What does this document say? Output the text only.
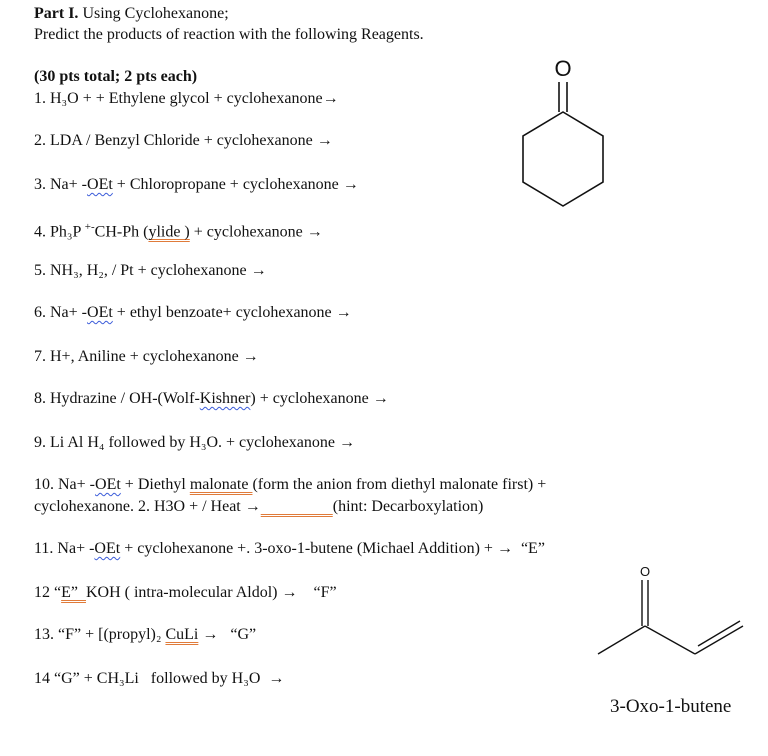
Part I. Using Cyclohexanone;
Predict the products of reaction with the following Reagents.
(30 pts total; 2 pts each)
1. H₃O + + Ethylene glycol + cyclohexanone→
2. LDA / Benzyl Chloride + cyclohexanone →
3. Na+ -OEt + Chloropropane + cyclohexanone →
4. Ph₃P +-CH-Ph (ylide ) + cyclohexanone →
5. NH₃, H₂, / Pt + cyclohexanone →
6. Na+ -OEt + ethyl benzoate+ cyclohexanone →
7. H+, Aniline + cyclohexanone →
8. Hydrazine / OH-(Wolf-Kishner) + cyclohexanone →
9. Li Al H₄ followed by H₃O. + cyclohexanone →
10. Na+ -OEt + Diethyl malonate (form the anion from diethyl malonate first) +
cyclohexanone. 2. H3O + / Heat →	(hint: Decarboxylation)
11. Na+ -OEt + cyclohexanone +. 3-oxo-1-butene (Michael Addition) + →  “E”
12 “E”  KOH ( intra-molecular Aldol) →    “F”
13. “F” + [(propyl)₂ CuLi →   “G”
14 “G” + CH₃Li   followed by H₃O  →
O
O
3-Oxo-1-butene
